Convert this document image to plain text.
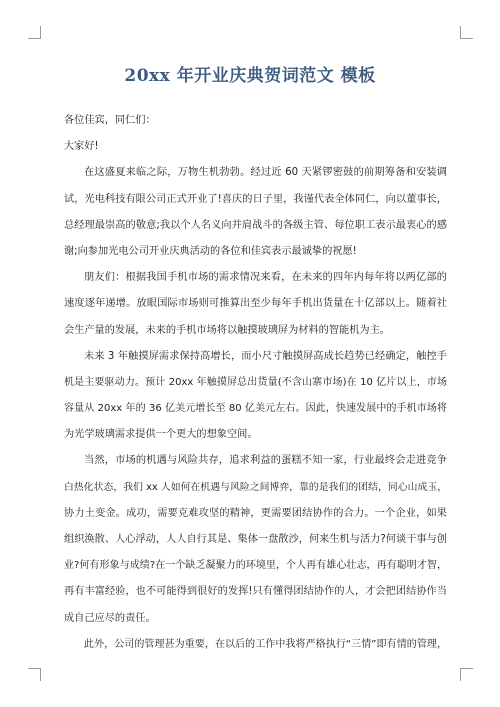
20xx 年开业庆典贺词范文 模板
各位佳宾，同仁们：
大家好!
在这盛夏来临之际，万物生机勃勃。经过近 60 天紧锣密鼓的前期筹备和安装调
试，光电科技有限公司正式开业了!喜庆的日子里，我谨代表全体同仁，向以董事长，
总经理最崇高的敬意;我以个人名义向并肩战斗的各级主管、每位职工表示最衷心的感
谢;向参加光电公司开业庆典活动的各位和佳宾表示最诚挚的祝愿!
朋友们：根据我国手机市场的需求情况来看，在未来的四年内每年将以两亿部的
速度逐年递增。放眼国际市场则可推算出至少每年手机出货量在十亿部以上。随着社
会生产量的发展，未来的手机市场将以触摸玻璃屏为材料的智能机为主。
未来 3 年触摸屏需求保持高增长，而小尺寸触摸屏高成长趋势已经确定，触控手
机是主要驱动力。预计 20xx 年触摸屏总出货量(不含山寨市场)在 10 亿片以上，市场
容量从 20xx 年的 36 亿美元增长至 80 亿美元左右。因此，快速发展中的手机市场将
为光学玻璃需求提供一个更大的想象空间。
当然，市场的机遇与风险共存，追求利益的蛋糕不知一家，行业最终会走进竞争
白热化状态，我们 xx 人如何在机遇与风险之间博弈，靠的是我们的团结，同心山成玉，
协力土变金。成功，需要克难攻坚的精神，更需要团结协作的合力。一个企业，如果
组织涣散、人心浮动，人人自行其是、集体一盘散沙，何来生机与活力?何谈干事与创
业?何有形象与成绩?在一个缺乏凝聚力的环境里，个人再有雄心壮志，再有聪明才智，
再有丰富经验，也不可能得到很好的发挥!只有懂得团结协作的人，才会把团结协作当
成自己应尽的责任。
此外，公司的管理甚为重要，在以后的工作中我将严格执行“三情”即有情的管理，
